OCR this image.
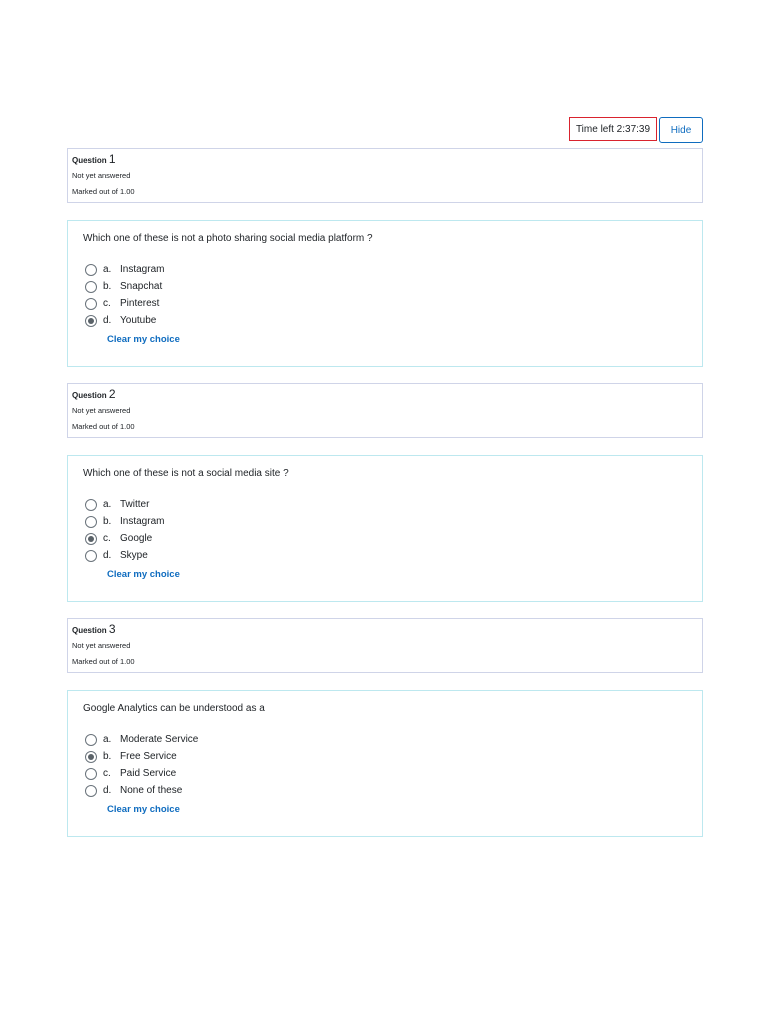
Time left 2:37:39	Hide
Question 1
Not yet answered
Marked out of 1.00
Which one of these is not a photo sharing social media platform ?
a. Instagram
b. Snapchat
c. Pinterest
d. Youtube
Clear my choice
Question 2
Not yet answered
Marked out of 1.00
Which one of these is not a social media site ?
a. Twitter
b. Instagram
c. Google
d. Skype
Clear my choice
Question 3
Not yet answered
Marked out of 1.00
Google Analytics can be understood as a
a. Moderate Service
b. Free Service
c. Paid Service
d. None of these
Clear my choice
